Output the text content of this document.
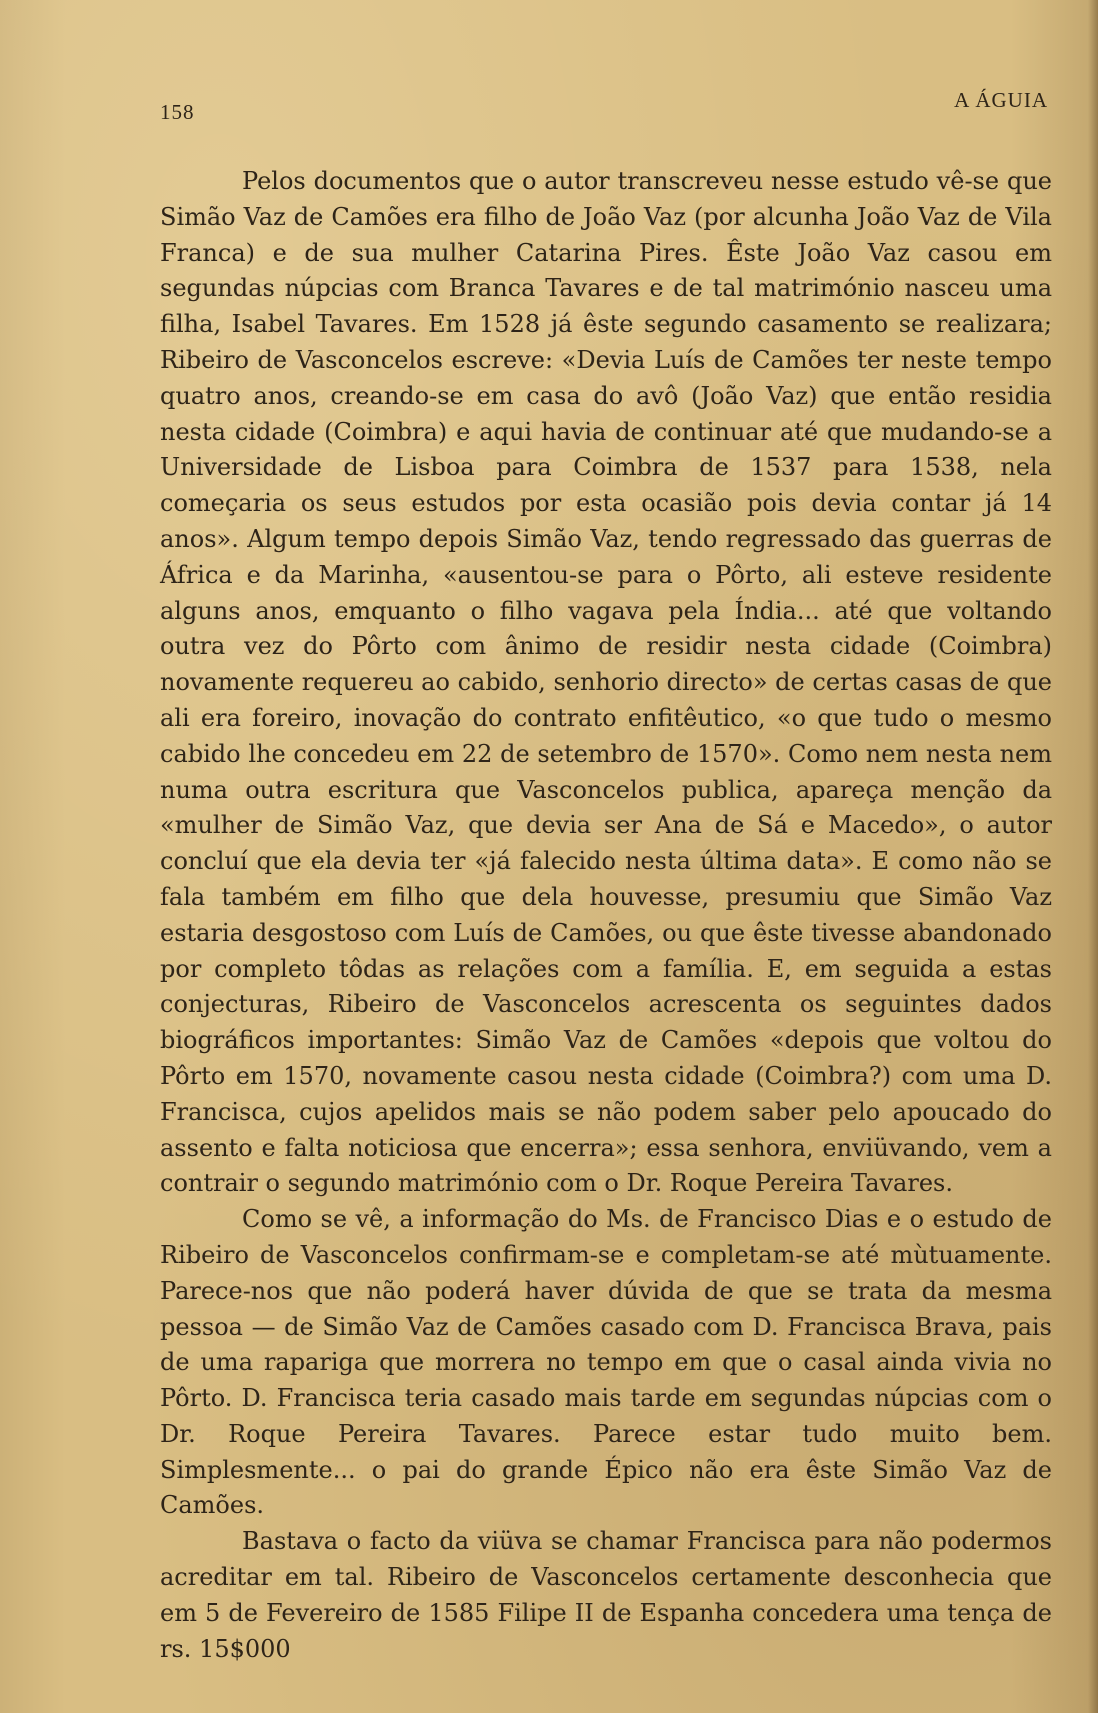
158	A ÁGUIA

Pelos documentos que o autor transcreveu nesse estudo vê-se que Simão Vaz de Camões era filho de João Vaz (por alcunha João Vaz de Vila Franca) e de sua mulher Catarina Pires. Êste João Vaz casou em segundas núpcias com Branca Tavares e de tal matrimónio nasceu uma filha, Isabel Tavares. Em 1528 já êste segundo casamento se realizara; Ribeiro de Vasconcelos escreve: «Devia Luís de Camões ter neste tempo quatro anos, creando-se em casa do avô (João Vaz) que então residia nesta cidade (Coimbra) e aqui havia de continuar até que mudando-se a Universidade de Lisboa para Coimbra de 1537 para 1538, nela começaria os seus estudos por esta ocasião pois devia contar já 14 anos». Algum tempo depois Simão Vaz, tendo regressado das guerras de África e da Marinha, «ausentou-se para o Pôrto, ali esteve residente alguns anos, emquanto o filho vagava pela Índia... até que voltando outra vez do Pôrto com ânimo de residir nesta cidade (Coimbra) novamente requereu ao cabido, senhorio directo» de certas casas de que ali era foreiro, inovação do contrato enfitêutico, «o que tudo o mesmo cabido lhe concedeu em 22 de setembro de 1570». Como nem nesta nem numa outra escritura que Vasconcelos publica, apareça menção da «mulher de Simão Vaz, que devia ser Ana de Sá e Macedo», o autor concluí que ela devia ter «já falecido nesta última data». E como não se fala também em filho que dela houvesse, presumiu que Simão Vaz estaria desgostoso com Luís de Camões, ou que êste tivesse abandonado por completo tôdas as relações com a família. E, em seguida a estas conjecturas, Ribeiro de Vasconcelos acrescenta os seguintes dados biográficos importantes: Simão Vaz de Camões «depois que voltou do Pôrto em 1570, novamente casou nesta cidade (Coimbra?) com uma D. Francisca, cujos apelidos mais se não podem saber pelo apoucado do assento e falta noticiosa que encerra»; essa senhora, enviüvando, vem a contrair o segundo matrimónio com o Dr. Roque Pereira Tavares.

Como se vê, a informação do Ms. de Francisco Dias e o estudo de Ribeiro de Vasconcelos confirmam-se e completam-se até mùtuamente. Parece-nos que não poderá haver dúvida de que se trata da mesma pessoa — de Simão Vaz de Camões casado com D. Francisca Brava, pais de uma rapariga que morrera no tempo em que o casal ainda vivia no Pôrto. D. Francisca teria casado mais tarde em segundas núpcias com o Dr. Roque Pereira Tavares. Parece estar tudo muito bem. Simplesmente... o pai do grande Épico não era êste Simão Vaz de Camões.

Bastava o facto da viüva se chamar Francisca para não podermos acreditar em tal. Ribeiro de Vasconcelos certamente desconhecia que em 5 de Fevereiro de 1585 Filipe II de Espanha concedera uma tença de rs. 15$000
